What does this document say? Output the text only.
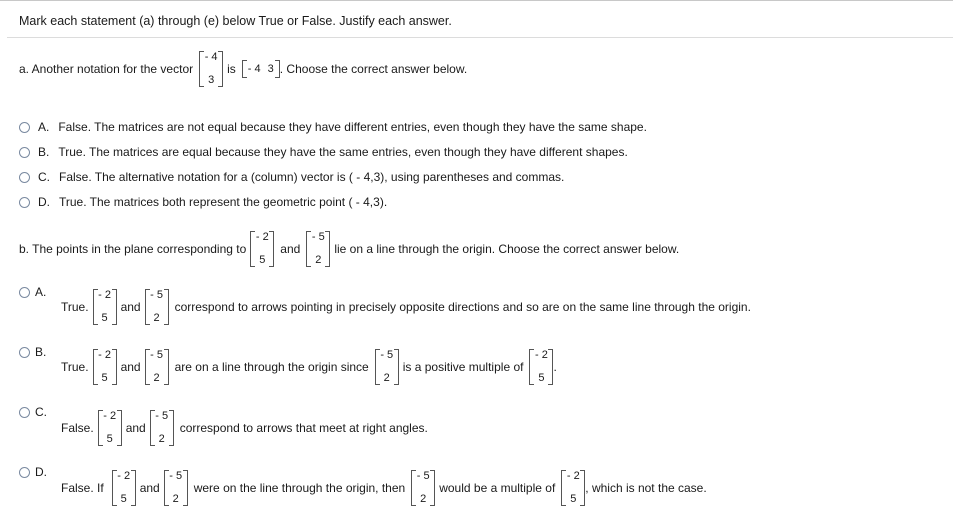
Mark each statement (a) through (e) below True or False. Justify each answer.
a. Another notation for the vector
- 4
3
is - 4 3 . Choose the correct answer below.
A. False. The matrices are not equal because they have different entries, even though they have the same shape.
B. True. The matrices are equal because they have the same entries, even though they have different shapes.
C. False. The alternative notation for a (column) vector is ( - 4,3), using parentheses and commas.
D. True. The matrices both represent the geometric point ( - 4,3).
b. The points in the plane corresponding to
- 2
5
and
- 5
2
lie on a line through the origin. Choose the correct answer below.
A.
True.
- 2
5
and
- 5
2
correspond to arrows pointing in precisely opposite directions and so are on the same line through the origin.
B.
True.
- 2
5
and
- 5
2
are on a line through the origin since
- 5
2
is a positive multiple of
- 2
5
.
C.
False.
- 2
5
and
- 5
2
correspond to arrows that meet at right angles.
D.
False. If
- 2
5
and
- 5
2
were on the line through the origin, then
- 5
2
would be a multiple of
- 2
5
, which is not the case.
